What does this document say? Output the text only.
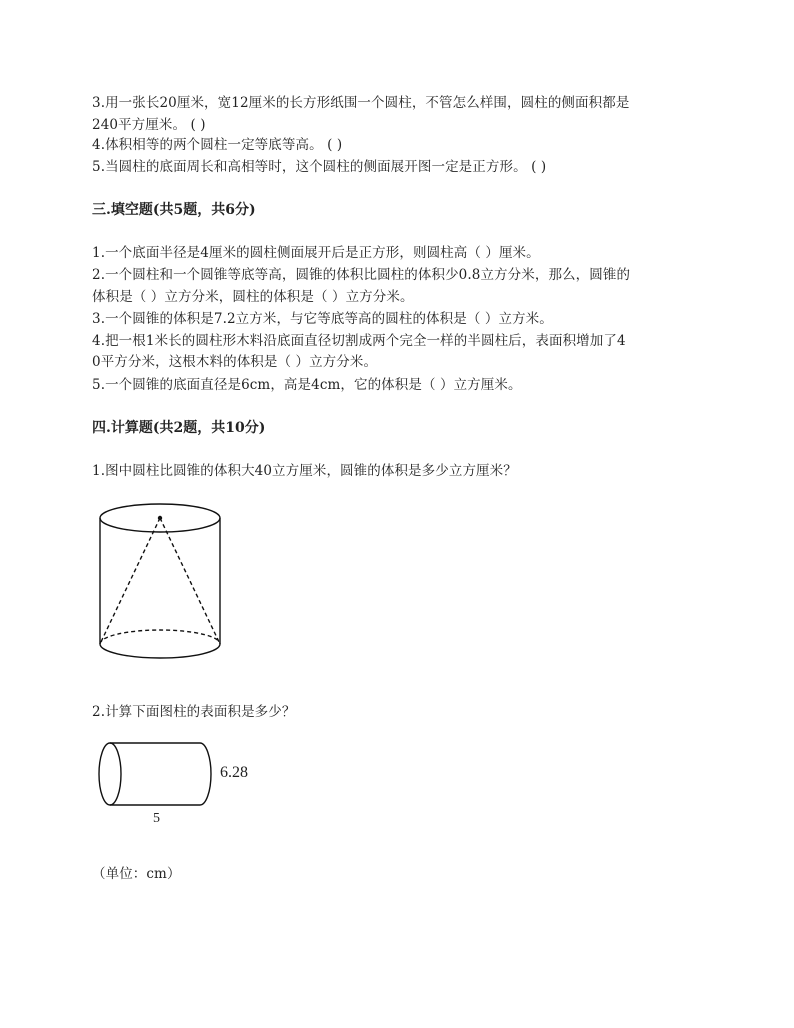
3.用一张长20厘米，宽12厘米的长方形纸围一个圆柱，不管怎么样围，圆柱的侧面积都是
240平方厘米。 ( )
4.体积相等的两个圆柱一定等底等高。 ( )
5.当圆柱的底面周长和高相等时，这个圆柱的侧面展开图一定是正方形。 ( )
三.填空题(共5题，共6分)
1.一个底面半径是4厘米的圆柱侧面展开后是正方形，则圆柱高（ ）厘米。
2.一个圆柱和一个圆锥等底等高，圆锥的体积比圆柱的体积少0.8立方分米，那么，圆锥的
体积是（ ）立方分米，圆柱的体积是（ ）立方分米。
3.一个圆锥的体积是7.2立方米，与它等底等高的圆柱的体积是（ ）立方米。
4.把一根1米长的圆柱形木料沿底面直径切割成两个完全一样的半圆柱后，表面积增加了4
0平方分米，这根木料的体积是（ ）立方分米。
5.一个圆锥的底面直径是6cm，高是4cm，它的体积是（ ）立方厘米。
四.计算题(共2题，共10分)
1.图中圆柱比圆锥的体积大40立方厘米，圆锥的体积是多少立方厘米？
2.计算下面图柱的表面积是多少？
6.28
5
（单位：cm）
